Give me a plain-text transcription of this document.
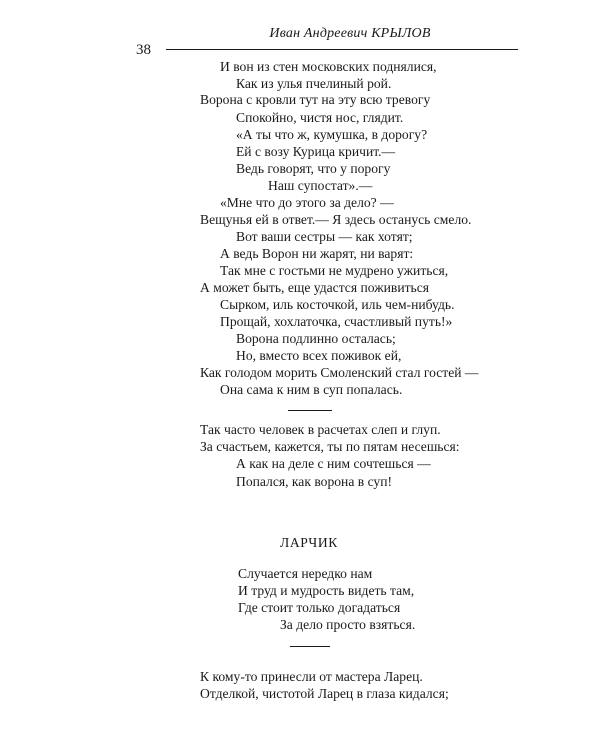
38
Иван Андреевич КРЫЛОВ
И вон из стен московских поднялися,
Как из улья пчелиный рой.
Ворона с кровли тут на эту всю тревогу
Спокойно, чистя нос, глядит.
«А ты что ж, кумушка, в дорогу?
Ей с возу Курица кричит.—
Ведь говорят, что у порогу
Наш супостат».—
«Мне что до этого за дело? —
Вещунья ей в ответ.— Я здесь останусь смело.
Вот ваши сестры — как хотят;
А ведь Ворон ни жарят, ни варят:
Так мне с гостьми не мудрено ужиться,
А может быть, еще удастся поживиться
Сырком, иль косточкой, иль чем-нибудь.
Прощай, хохлаточка, счастливый путь!»
Ворона подлинно осталась;
Но, вместо всех поживок ей,
Как голодом морить Смоленский стал гостей —
Она сама к ним в суп попалась.
Так часто человек в расчетах слеп и глуп.
За счастьем, кажется, ты по пятам несешься:
А как на деле с ним сочтешься —
Попался, как ворона в суп!
ЛАРЧИК
Случается нередко нам
И труд и мудрость видеть там,
Где стоит только догадаться
За дело просто взяться.
К кому-то принесли от мастера Ларец.
Отделкой, чистотой Ларец в глаза кидался;
